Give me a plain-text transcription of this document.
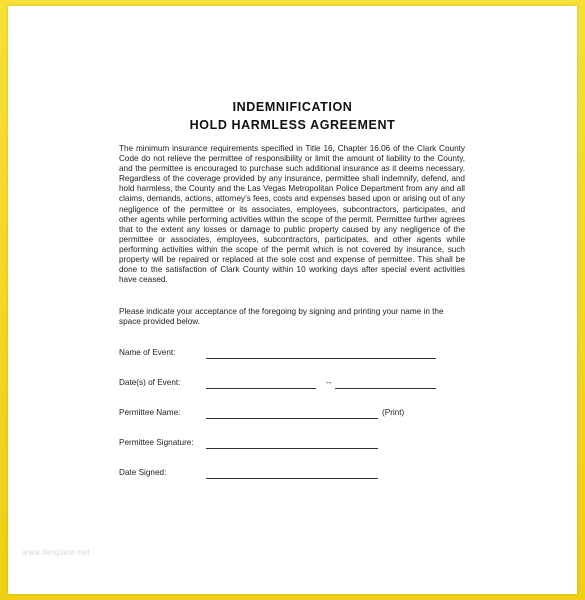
INDEMNIFICATION
HOLD HARMLESS AGREEMENT

The minimum insurance requirements specified in Title 16, Chapter 16.06 of the Clark County Code do not relieve the permittee of responsibility or limit the amount of liability to the County, and the permittee is encouraged to purchase such additional insurance as it deems necessary. Regardless of the coverage provided by any insurance, permittee shall indemnify, defend, and hold harmless, the County and the Las Vegas Metropolitan Police Department from any and all claims, demands, actions, attorney's fees, costs and expenses based upon or arising out of any negligence of the permittee or its associates, employees, subcontractors, participates, and other agents while performing activities within the scope of the permit. Permittee further agrees that to the extent any losses or damage to public property caused by any negligence of the permittee or associates, employees, subcontractors, participates, and other agents while performing activities within the scope of the permit which is not covered by insurance, such property will be repaired or replaced at the sole cost and expense of permittee. This shall be done to the satisfaction of Clark County within 10 working days after special event activities have ceased.

Please indicate your acceptance of the foregoing by signing and printing your name in the space provided below.

Name of Event:
Date(s) of Event:	--
Permittee Name:	(Print)
Permittee Signature:
Date Signed:
www.template.net
